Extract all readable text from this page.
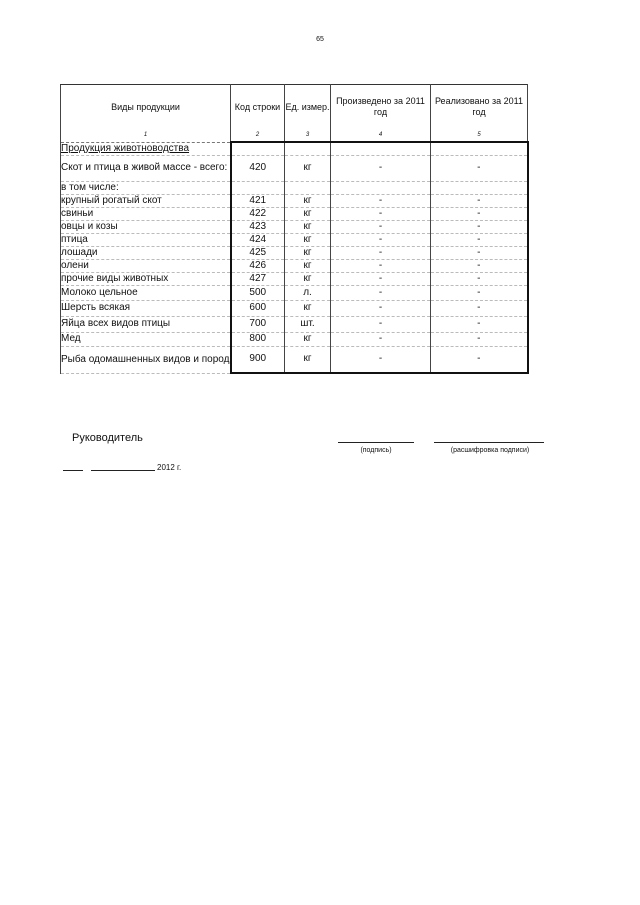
65
Виды продукции	Код строки	Ед. измер.	Произведено за 2011 год	Реализовано за 2011 год
1	2	3	4	5
Продукция животноводства				
Скот и птица в живой массе - всего:	420	кг	-	-
в том числе:				
крупный рогатый скот	421	кг	-	-
свиньи	422	кг	-	-
овцы и козы	423	кг	-	-
птица	424	кг	-	-
лошади	425	кг	-	-
олени	426	кг	-	-
прочие виды животных	427	кг	-	-
Молоко цельное	500	л.	-	-
Шерсть всякая	600	кг	-	-
Яйца всех видов птицы	700	шт.	-	-
Мед	800	кг	-	-
Рыба одомашненных видов и пород	900	кг	-	-
Руководитель
(подпись)	(расшифровка подписи)
2012 г.
